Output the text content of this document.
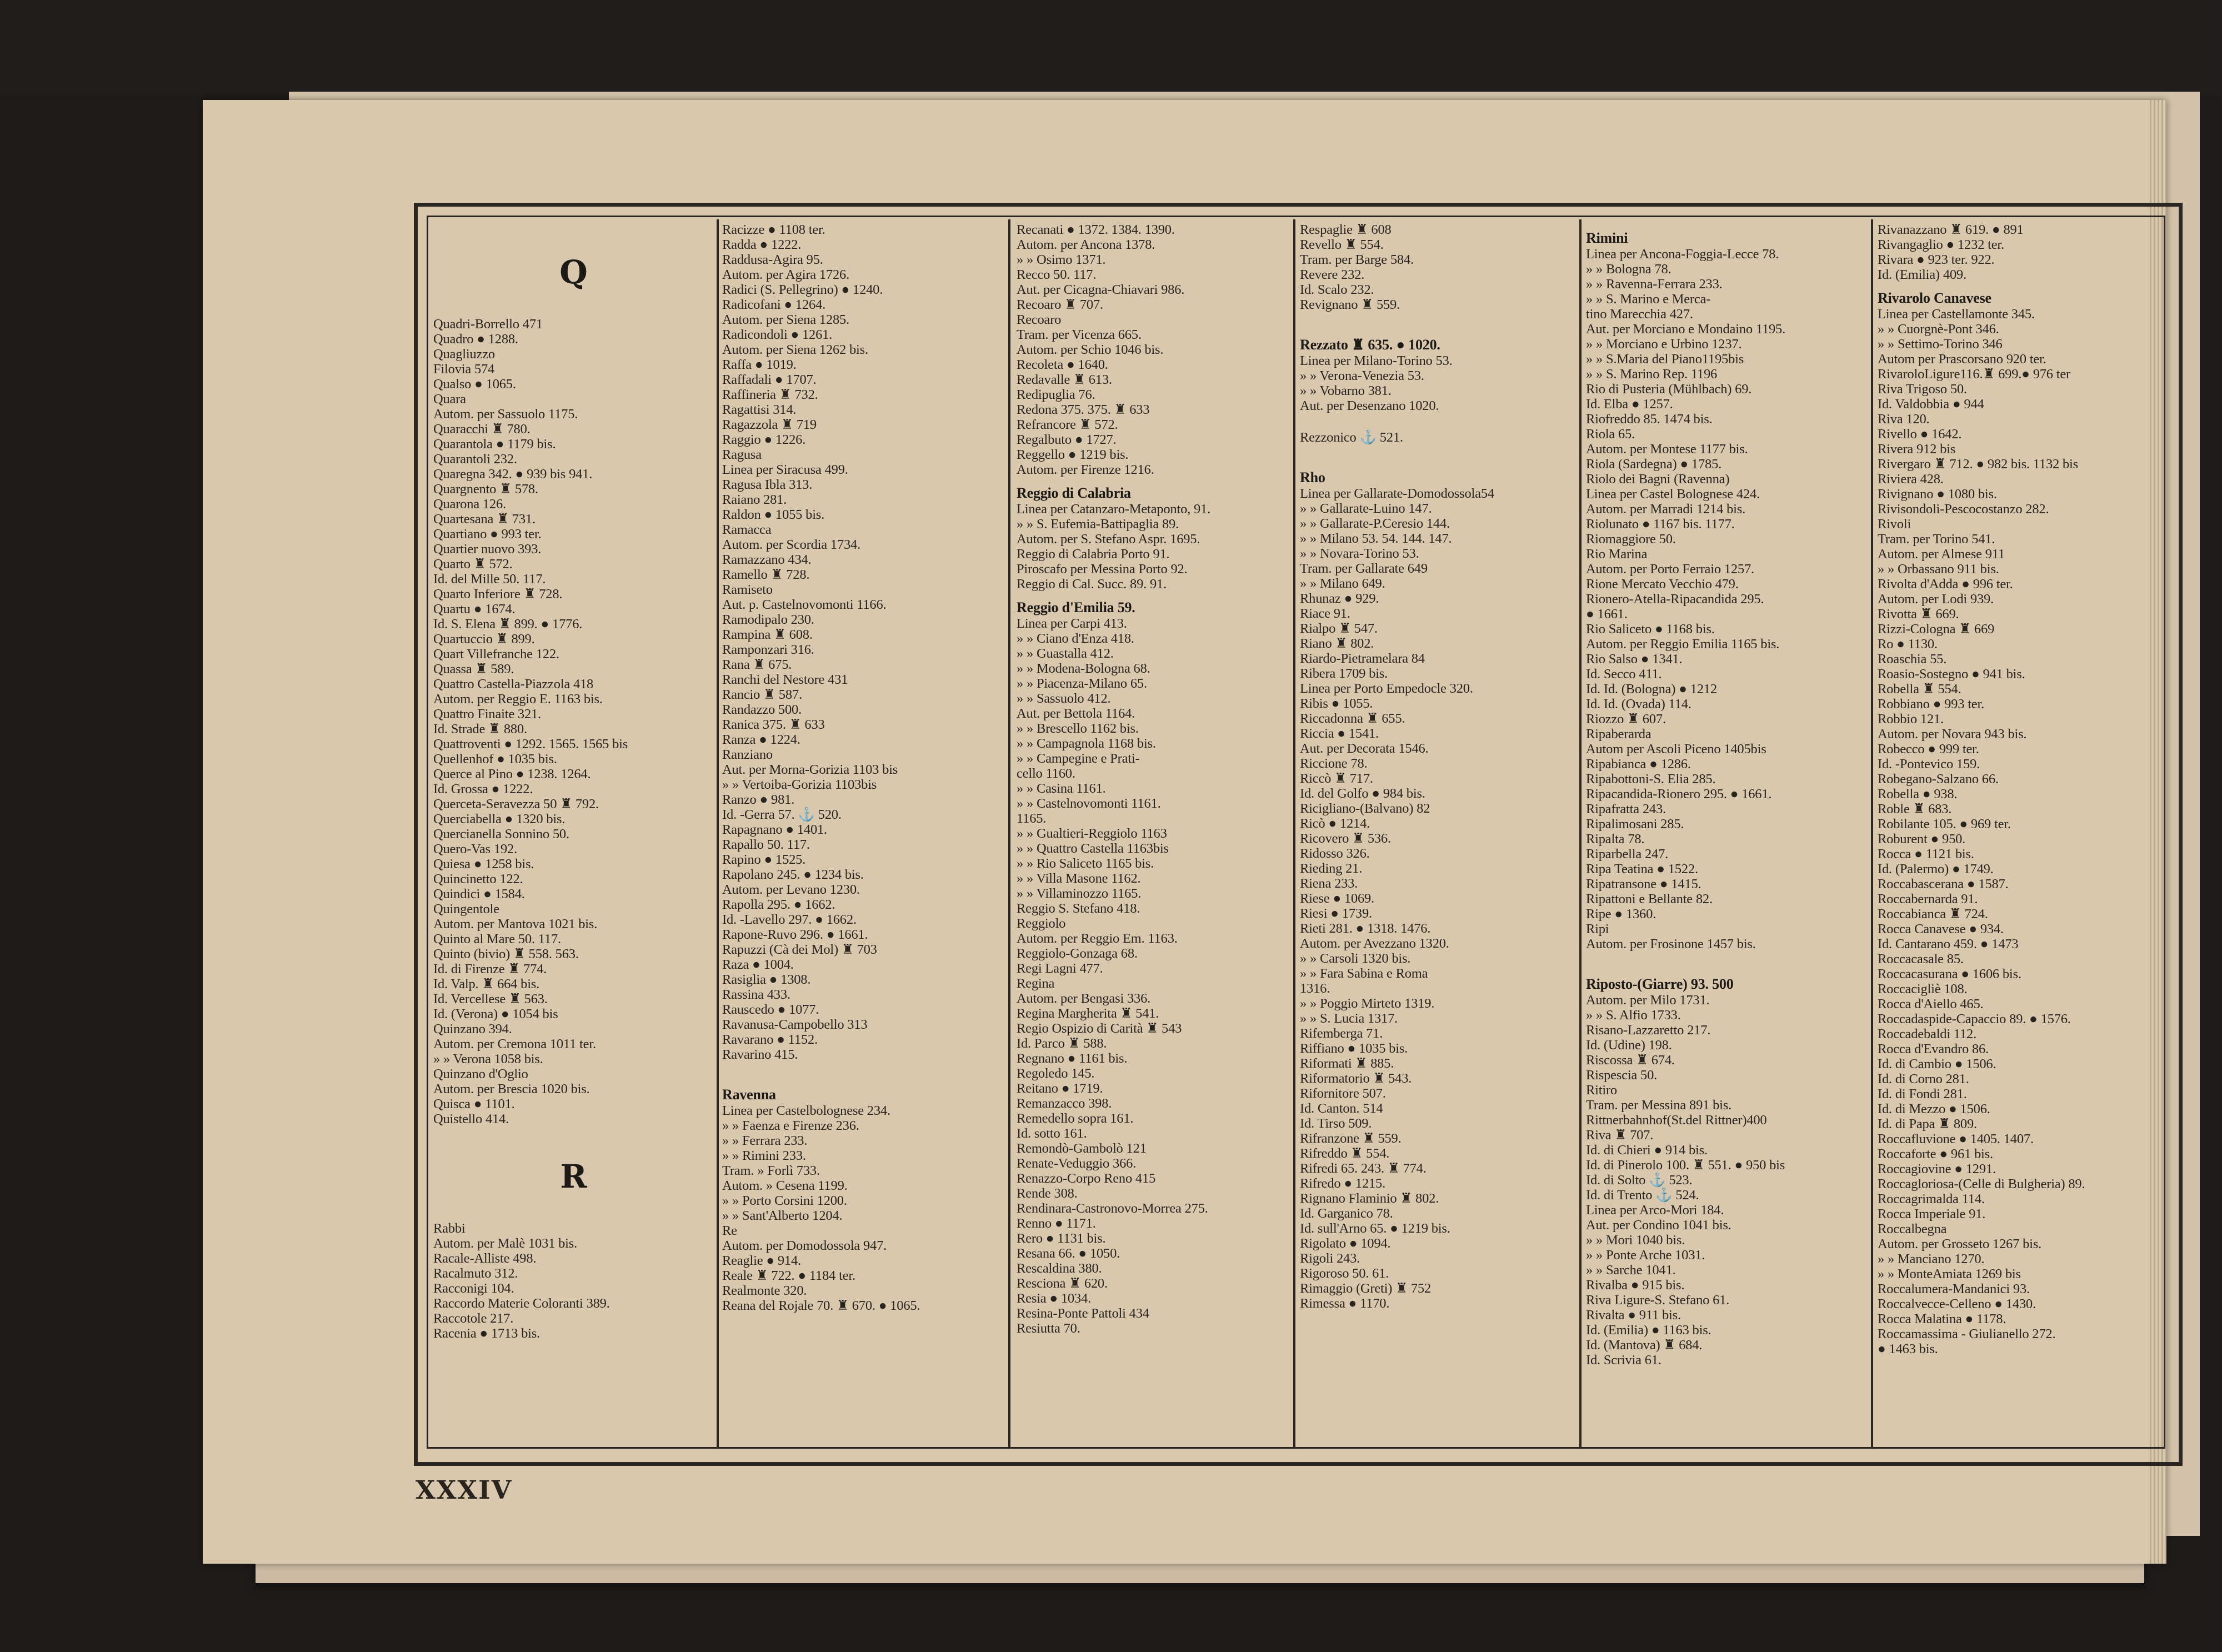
Q
Quadri-Borrello 471
Quadro ● 1288.
Quagliuzzo
Filovia 574
Qualso ● 1065.
Quara
Autom. per Sassuolo 1175.
Quaracchi ♜ 780.
Quarantola ● 1179 bis.
Quarantoli 232.
Quaregna 342. ● 939 bis 941.
Quargnento ♜ 578.
Quarona 126.
Quartesana ♜ 731.
Quartiano ● 993 ter.
Quartier nuovo 393.
Quarto ♜ 572.
Id. del Mille 50. 117.
Quarto Inferiore ♜ 728.
Quartu ● 1674.
Id. S. Elena ♜ 899. ● 1776.
Quartuccio ♜ 899.
Quart Villefranche 122.
Quassa ♜ 589.
Quattro Castella-Piazzola 418
Autom. per Reggio E. 1163 bis.
Quattro Finaite 321.
Id. Strade ♜ 880.
Quattroventi ● 1292. 1565. 1565 bis
Quellenhof ● 1035 bis.
Querce al Pino ● 1238. 1264.
Id. Grossa ● 1222.
Querceta-Seravezza 50 ♜ 792.
Querciabella ● 1320 bis.
Quercianella Sonnino 50.
Quero-Vas 192.
Quiesa ● 1258 bis.
Quincinetto 122.
Quindici ● 1584.
Quingentole
Autom. per Mantova 1021 bis.
Quinto al Mare 50. 117.
Quinto (bivio) ♜ 558. 563.
Id. di Firenze ♜ 774.
Id. Valp. ♜ 664 bis.
Id. Vercellese ♜ 563.
Id. (Verona) ● 1054 bis
Quinzano 394.
Autom. per Cremona 1011 ter.
» » Verona 1058 bis.
Quinzano d'Oglio
Autom. per Brescia 1020 bis.
Quisca ● 1101.
Quistello 414.
R
Rabbi
Autom. per Malè 1031 bis.
Racale-Alliste 498.
Racalmuto 312.
Racconigi 104.
Raccordo Materie Coloranti 389.
Raccotole 217.
Racenia ● 1713 bis.
Racizze ● 1108 ter.
Radda ● 1222.
Raddusa-Agira 95.
Autom. per Agira 1726.
Radici (S. Pellegrino) ● 1240.
Radicofani ● 1264.
Autom. per Siena 1285.
Radicondoli ● 1261.
Autom. per Siena 1262 bis.
Raffa ● 1019.
Raffadali ● 1707.
Raffineria ♜ 732.
Ragattisi 314.
Ragazzola ♜ 719
Raggio ● 1226.
Ragusa
Linea per Siracusa 499.
Ragusa Ibla 313.
Raiano 281.
Raldon ● 1055 bis.
Ramacca
Autom. per Scordia 1734.
Ramazzano 434.
Ramello ♜ 728.
Ramiseto
Aut. p. Castelnovomonti 1166.
Ramodipalo 230.
Rampina ♜ 608.
Ramponzari 316.
Rana ♜ 675.
Ranchi del Nestore 431
Rancio ♜ 587.
Randazzo 500.
Ranica 375. ♜ 633
Ranza ● 1224.
Ranziano
Aut. per Morna-Gorizia 1103 bis
» » Vertoiba-Gorizia 1103bis
Ranzo ● 981.
Id. -Gerra 57. ⚓ 520.
Rapagnano ● 1401.
Rapallo 50. 117.
Rapino ● 1525.
Rapolano 245. ● 1234 bis.
Autom. per Levano 1230.
Rapolla 295. ● 1662.
Id. -Lavello 297. ● 1662.
Rapone-Ruvo 296. ● 1661.
Rapuzzi (Cà dei Mol) ♜ 703
Raza ● 1004.
Rasiglia ● 1308.
Rassina 433.
Rauscedo ● 1077.
Ravanusa-Campobello 313
Ravarano ● 1152.
Ravarino 415.
Ravenna
Linea per Castelbolognese 234.
» » Faenza e Firenze 236.
» » Ferrara 233.
» » Rimini 233.
Tram. » Forlì 733.
Autom. » Cesena 1199.
» » Porto Corsini 1200.
» » Sant'Alberto 1204.
Re
Autom. per Domodossola 947.
Reaglie ● 914.
Reale ♜ 722. ● 1184 ter.
Realmonte 320.
Reana del Rojale 70. ♜ 670. ● 1065.
Recanati ● 1372. 1384. 1390.
Autom. per Ancona 1378.
» » Osimo 1371.
Recco 50. 117.
Aut. per Cicagna-Chiavari 986.
Recoaro ♜ 707.
Recoaro
Tram. per Vicenza 665.
Autom. per Schio 1046 bis.
Recoleta ● 1640.
Redavalle ♜ 613.
Redipuglia 76.
Redona 375. 375. ♜ 633
Refrancore ♜ 572.
Regalbuto ● 1727.
Reggello ● 1219 bis.
Autom. per Firenze 1216.
Reggio di Calabria
Linea per Catanzaro-Metaponto, 91.
» » S. Eufemia-Battipaglia 89.
Autom. per S. Stefano Aspr. 1695.
Reggio di Calabria Porto 91.
Piroscafo per Messina Porto 92.
Reggio di Cal. Succ. 89. 91.
Reggio d'Emilia 59.
Linea per Carpi 413.
» » Ciano d'Enza 418.
» » Guastalla 412.
» » Modena-Bologna 68.
» » Piacenza-Milano 65.
» » Sassuolo 412.
Aut. per Bettola 1164.
» » Brescello 1162 bis.
» » Campagnola 1168 bis.
» » Campegine e Prati-
cello 1160.
» » Casina 1161.
» » Castelnovomonti 1161.
1165.
» » Gualtieri-Reggiolo 1163
» » Quattro Castella 1163bis
» » Rio Saliceto 1165 bis.
» » Villa Masone 1162.
» » Villaminozzo 1165.
Reggio S. Stefano 418.
Reggiolo
Autom. per Reggio Em. 1163.
Reggiolo-Gonzaga 68.
Regi Lagni 477.
Regina
Autom. per Bengasi 336.
Regina Margherita ♜ 541.
Regio Ospizio di Carità ♜ 543
Id. Parco ♜ 588.
Regnano ● 1161 bis.
Regoledo 145.
Reitano ● 1719.
Remanzacco 398.
Remedello sopra 161.
Id. sotto 161.
Remondò-Gambolò 121
Renate-Veduggio 366.
Renazzo-Corpo Reno 415
Rende 308.
Rendinara-Castronovo-Morrea 275.
Renno ● 1171.
Rero ● 1131 bis.
Resana 66. ● 1050.
Rescaldina 380.
Resciona ♜ 620.
Resia ● 1034.
Resina-Ponte Pattoli 434
Resiutta 70.
Respaglie ♜ 608
Revello ♜ 554.
Tram. per Barge 584.
Revere 232.
Id. Scalo 232.
Revignano ♜ 559.
Rezzato ♜ 635. ● 1020.
Linea per Milano-Torino 53.
» » Verona-Venezia 53.
» » Vobarno 381.
Aut. per Desenzano 1020.
Rezzonico ⚓ 521.
Rho
Linea per Gallarate-Domodossola54
» » Gallarate-Luino 147.
» » Gallarate-P.Ceresio 144.
» » Milano 53. 54. 144. 147.
» » Novara-Torino 53.
Tram. per Gallarate 649
» » Milano 649.
Rhunaz ● 929.
Riace 91.
Rialpo ♜ 547.
Riano ♜ 802.
Riardo-Pietramelara 84
Ribera 1709 bis.
Linea per Porto Empedocle 320.
Ribis ● 1055.
Riccadonna ♜ 655.
Riccia ● 1541.
Aut. per Decorata 1546.
Riccione 78.
Riccò ♜ 717.
Id. del Golfo ● 984 bis.
Ricigliano-(Balvano) 82
Ricò ● 1214.
Ricovero ♜ 536.
Ridosso 326.
Rieding 21.
Riena 233.
Riese ● 1069.
Riesi ● 1739.
Rieti 281. ● 1318. 1476.
Autom. per Avezzano 1320.
» » Carsoli 1320 bis.
» » Fara Sabina e Roma
1316.
» » Poggio Mirteto 1319.
» » S. Lucia 1317.
Rifemberga 71.
Riffiano ● 1035 bis.
Riformati ♜ 885.
Riformatorio ♜ 543.
Rifornitore 507.
Id. Canton. 514
Id. Tirso 509.
Rifranzone ♜ 559.
Rifreddo ♜ 554.
Rifredi 65. 243. ♜ 774.
Rifredo ● 1215.
Rignano Flaminio ♜ 802.
Id. Garganico 78.
Id. sull'Arno 65. ● 1219 bis.
Rigolato ● 1094.
Rigoli 243.
Rigoroso 50. 61.
Rimaggio (Greti) ♜ 752
Rimessa ● 1170.
Rimini
Linea per Ancona-Foggia-Lecce 78.
» » Bologna 78.
» » Ravenna-Ferrara 233.
» » S. Marino e Merca-
tino Marecchia 427.
Aut. per Morciano e Mondaino 1195.
» » Morciano e Urbino 1237.
» » S.Maria del Piano1195bis
» » S. Marino Rep. 1196
Rio di Pusteria (Mühlbach) 69.
Id. Elba ● 1257.
Riofreddo 85. 1474 bis.
Riola 65.
Autom. per Montese 1177 bis.
Riola (Sardegna) ● 1785.
Riolo dei Bagni (Ravenna)
Linea per Castel Bolognese 424.
Autom. per Marradi 1214 bis.
Riolunato ● 1167 bis. 1177.
Riomaggiore 50.
Rio Marina
Autom. per Porto Ferraio 1257.
Rione Mercato Vecchio 479.
Rionero-Atella-Ripacandida 295.
● 1661.
Rio Saliceto ● 1168 bis.
Autom. per Reggio Emilia 1165 bis.
Rio Salso ● 1341.
Id. Secco 411.
Id. Id. (Bologna) ● 1212
Id. Id. (Ovada) 114.
Riozzo ♜ 607.
Ripaberarda
Autom per Ascoli Piceno 1405bis
Ripabianca ● 1286.
Ripabottoni-S. Elia 285.
Ripacandida-Rionero 295. ● 1661.
Ripafratta 243.
Ripalimosani 285.
Ripalta 78.
Riparbella 247.
Ripa Teatina ● 1522.
Ripatransone ● 1415.
Ripattoni e Bellante 82.
Ripe ● 1360.
Ripi
Autom. per Frosinone 1457 bis.
Riposto-(Giarre) 93. 500
Autom. per Milo 1731.
» » S. Alfio 1733.
Risano-Lazzaretto 217.
Id. (Udine) 198.
Riscossa ♜ 674.
Rispescia 50.
Ritiro
Tram. per Messina 891 bis.
Rittnerbahnhof(St.del Rittner)400
Riva ♜ 707.
Id. di Chieri ● 914 bis.
Id. di Pinerolo 100. ♜ 551. ● 950 bis
Id. di Solto ⚓ 523.
Id. di Trento ⚓ 524.
Linea per Arco-Mori 184.
Aut. per Condino 1041 bis.
» » Mori 1040 bis.
» » Ponte Arche 1031.
» » Sarche 1041.
Rivalba ● 915 bis.
Riva Ligure-S. Stefano 61.
Rivalta ● 911 bis.
Id. (Emilia) ● 1163 bis.
Id. (Mantova) ♜ 684.
Id. Scrivia 61.
Rivanazzano ♜ 619. ● 891
Rivangaglio ● 1232 ter.
Rivara ● 923 ter. 922.
Id. (Emilia) 409.
Rivarolo Canavese
Linea per Castellamonte 345.
» » Cuorgnè-Pont 346.
» » Settimo-Torino 346
Autom per Prascorsano 920 ter.
RivaroloLigure116.♜ 699.● 976 ter
Riva Trigoso 50.
Id. Valdobbia ● 944
Riva 120.
Rivello ● 1642.
Rivera 912 bis
Rivergaro ♜ 712. ● 982 bis. 1132 bis
Riviera 428.
Rivignano ● 1080 bis.
Rivisondoli-Pescocostanzo 282.
Rivoli
Tram. per Torino 541.
Autom. per Almese 911
» » Orbassano 911 bis.
Rivolta d'Adda ● 996 ter.
Autom. per Lodi 939.
Rivotta ♜ 669.
Rizzi-Cologna ♜ 669
Ro ● 1130.
Roaschia 55.
Roasio-Sostegno ● 941 bis.
Robella ♜ 554.
Robbiano ● 993 ter.
Robbio 121.
Autom. per Novara 943 bis.
Robecco ● 999 ter.
Id. -Pontevico 159.
Robegano-Salzano 66.
Robella ● 938.
Roble ♜ 683.
Robilante 105. ● 969 ter.
Roburent ● 950.
Rocca ● 1121 bis.
Id. (Palermo) ● 1749.
Roccabascerana ● 1587.
Roccabernarda 91.
Roccabianca ♜ 724.
Rocca Canavese ● 934.
Id. Cantarano 459. ● 1473
Roccacasale 85.
Roccacasurana ● 1606 bis.
Roccacigliè 108.
Rocca d'Aiello 465.
Roccadaspide-Capaccio 89. ● 1576.
Roccadebaldi 112.
Rocca d'Evandro 86.
Id. di Cambio ● 1506.
Id. di Corno 281.
Id. di Fondi 281.
Id. di Mezzo ● 1506.
Id. di Papa ♜ 809.
Roccafluvione ● 1405. 1407.
Roccaforte ● 961 bis.
Roccagiovine ● 1291.
Roccagloriosa-(Celle di Bulgheria) 89.
Roccagrimalda 114.
Rocca Imperiale 91.
Roccalbegna
Autom. per Grosseto 1267 bis.
» » Manciano 1270.
» » MonteAmiata 1269 bis
Roccalumera-Mandanici 93.
Roccalvecce-Celleno ● 1430.
Rocca Malatina ● 1178.
Roccamassima - Giulianello 272.
● 1463 bis.
XXXIV
